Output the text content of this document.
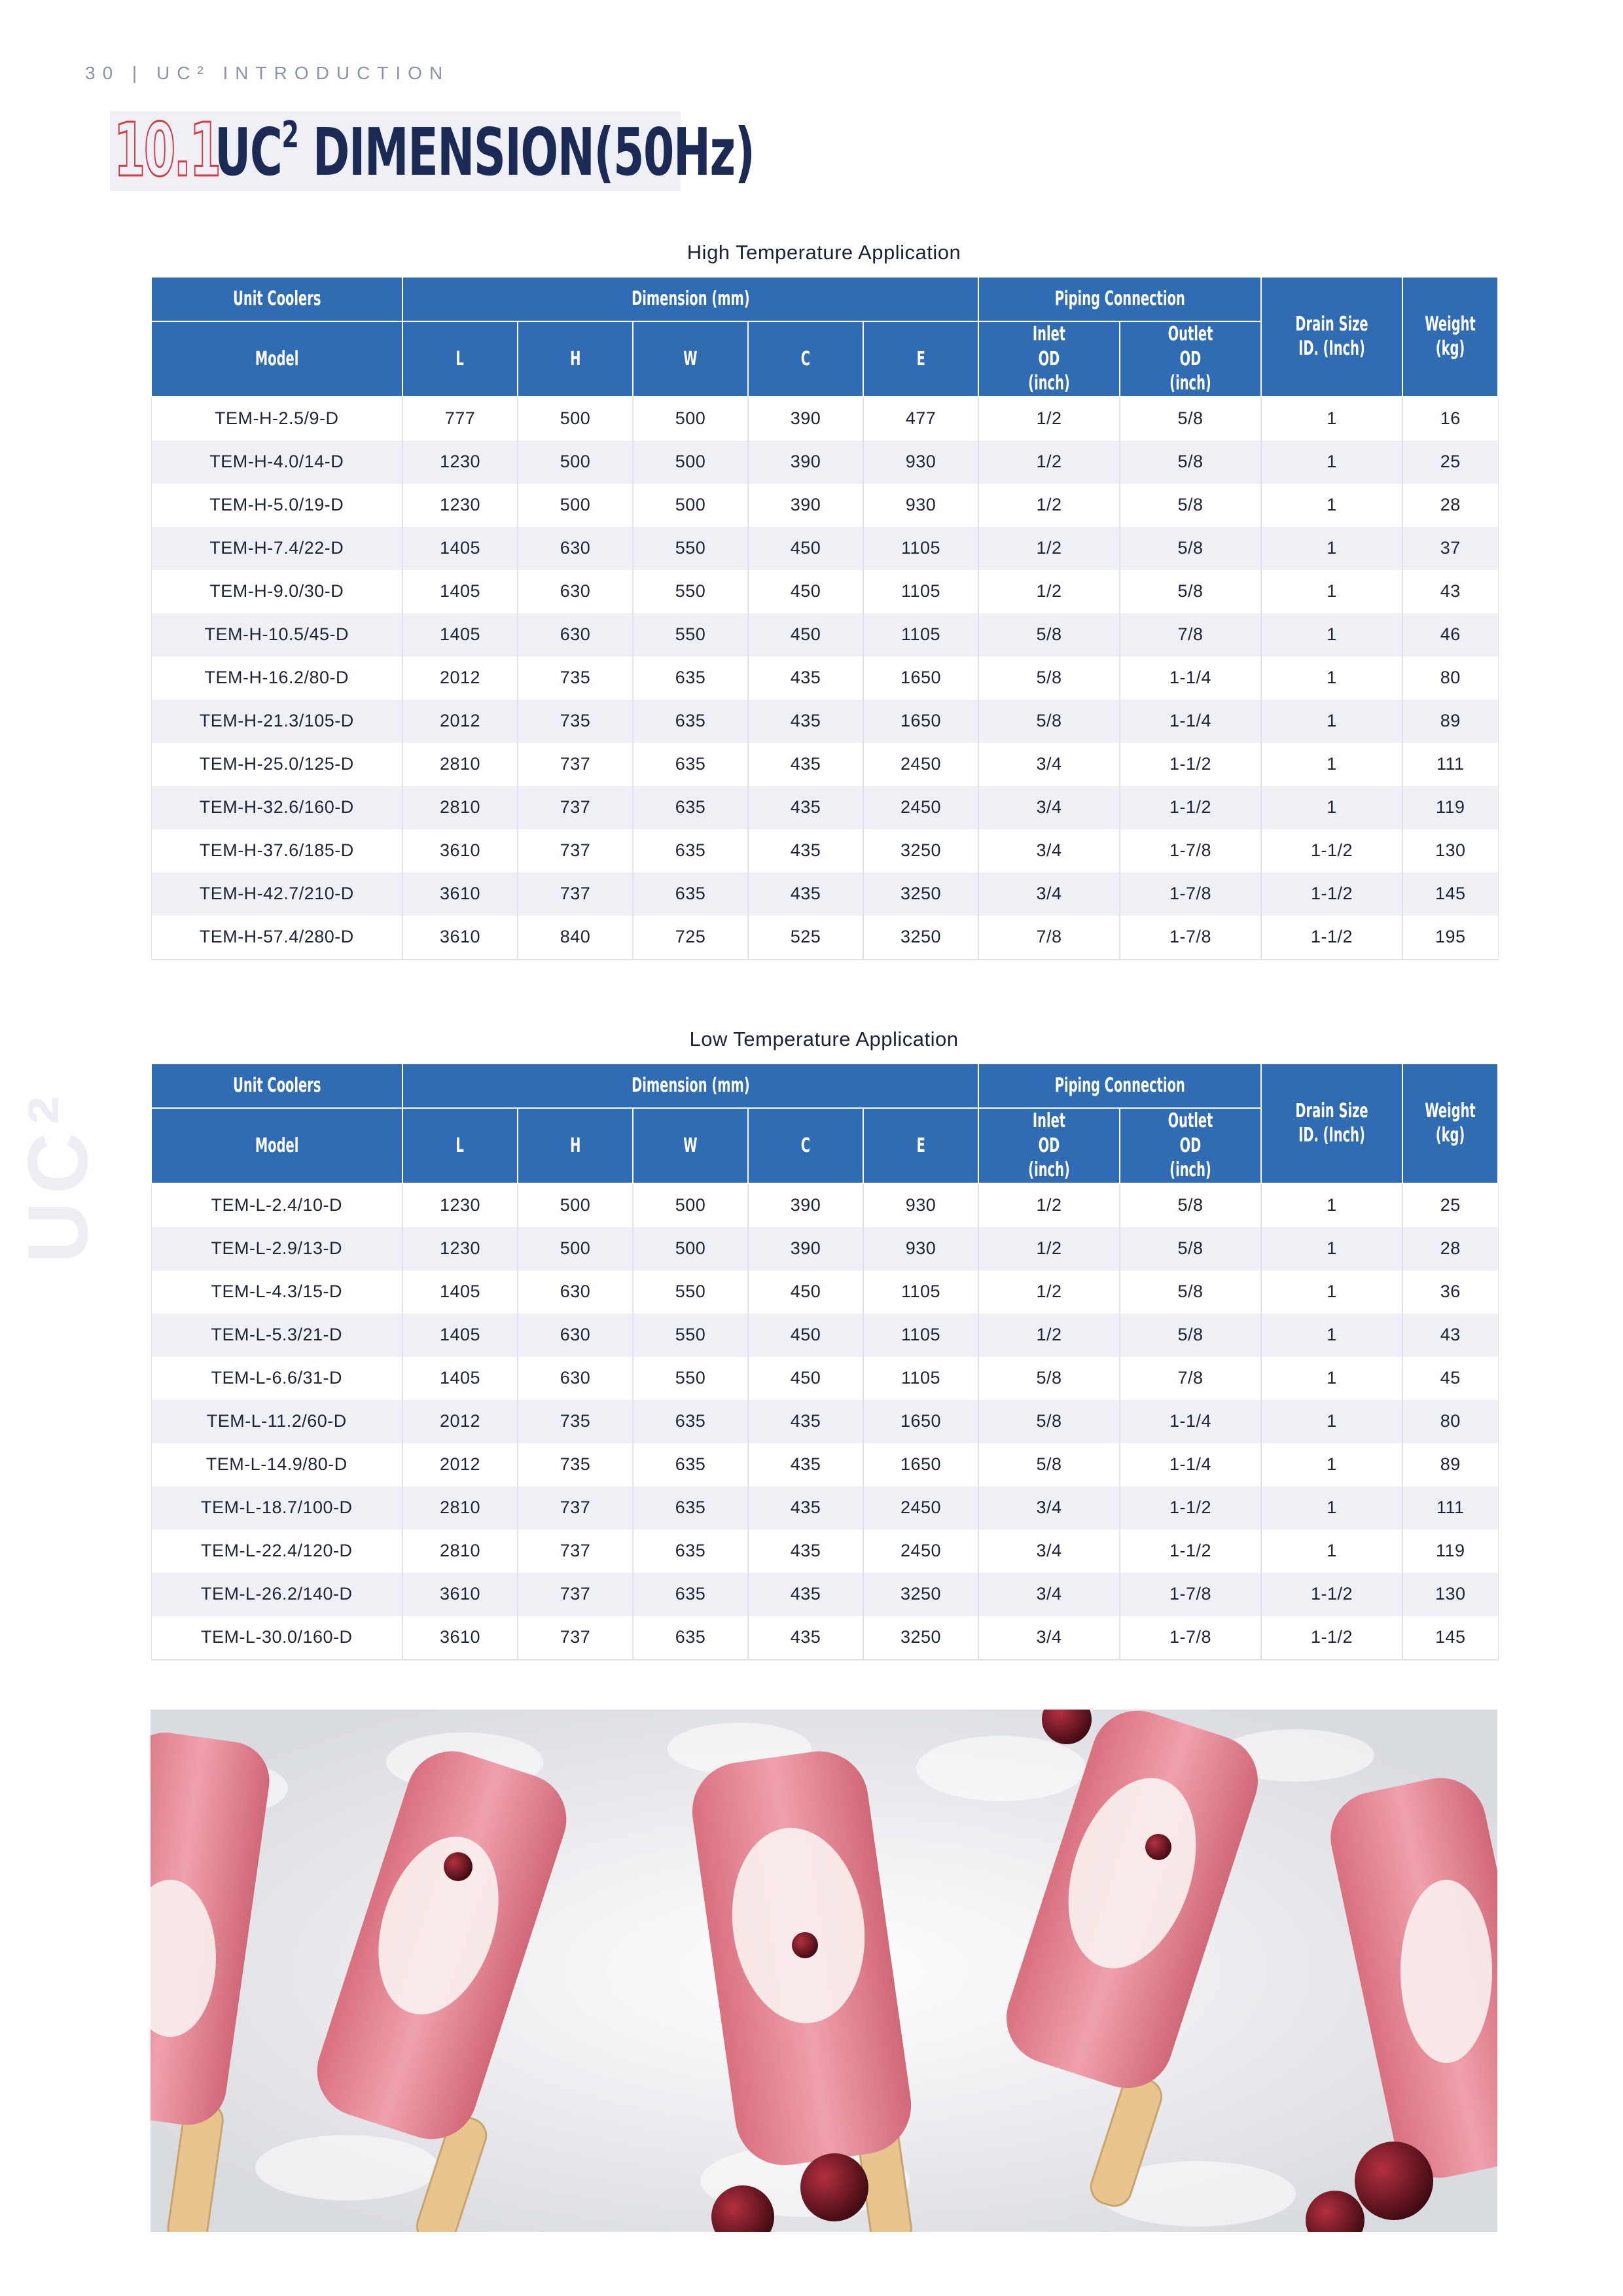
30 | UC² INTRODUCTION
10.1
$UC^2$ DIMENSION(50Hz)
UC²
High Temperature Application
Unit Coolers	Dimension (mm)					Piping Connection		Drain Size ID. (Inch)	Weight (kg)
Model	L	H	W	C	E	Inlet OD (inch)	Outlet OD (inch)		
TEM-H-2.5/9-D	777	500	500	390	477	1/2	5/8	1	16
TEM-H-4.0/14-D	1230	500	500	390	930	1/2	5/8	1	25
TEM-H-5.0/19-D	1230	500	500	390	930	1/2	5/8	1	28
TEM-H-7.4/22-D	1405	630	550	450	1105	1/2	5/8	1	37
TEM-H-9.0/30-D	1405	630	550	450	1105	1/2	5/8	1	43
TEM-H-10.5/45-D	1405	630	550	450	1105	5/8	7/8	1	46
TEM-H-16.2/80-D	2012	735	635	435	1650	5/8	1-1/4	1	80
TEM-H-21.3/105-D	2012	735	635	435	1650	5/8	1-1/4	1	89
TEM-H-25.0/125-D	2810	737	635	435	2450	3/4	1-1/2	1	111
TEM-H-32.6/160-D	2810	737	635	435	2450	3/4	1-1/2	1	119
TEM-H-37.6/185-D	3610	737	635	435	3250	3/4	1-7/8	1-1/2	130
TEM-H-42.7/210-D	3610	737	635	435	3250	3/4	1-7/8	1-1/2	145
TEM-H-57.4/280-D	3610	840	725	525	3250	7/8	1-7/8	1-1/2	195
Low Temperature Application
Unit Coolers	Dimension (mm)					Piping Connection		Drain Size ID. (Inch)	Weight (kg)
Model	L	H	W	C	E	Inlet OD (inch)	Outlet OD (inch)		
TEM-L-2.4/10-D	1230	500	500	390	930	1/2	5/8	1	25
TEM-L-2.9/13-D	1230	500	500	390	930	1/2	5/8	1	28
TEM-L-4.3/15-D	1405	630	550	450	1105	1/2	5/8	1	36
TEM-L-5.3/21-D	1405	630	550	450	1105	1/2	5/8	1	43
TEM-L-6.6/31-D	1405	630	550	450	1105	5/8	7/8	1	45
TEM-L-11.2/60-D	2012	735	635	435	1650	5/8	1-1/4	1	80
TEM-L-14.9/80-D	2012	735	635	435	1650	5/8	1-1/4	1	89
TEM-L-18.7/100-D	2810	737	635	435	2450	3/4	1-1/2	1	111
TEM-L-22.4/120-D	2810	737	635	435	2450	3/4	1-1/2	1	119
TEM-L-26.2/140-D	3610	737	635	435	3250	3/4	1-7/8	1-1/2	130
TEM-L-30.0/160-D	3610	737	635	435	3250	3/4	1-7/8	1-1/2	145
